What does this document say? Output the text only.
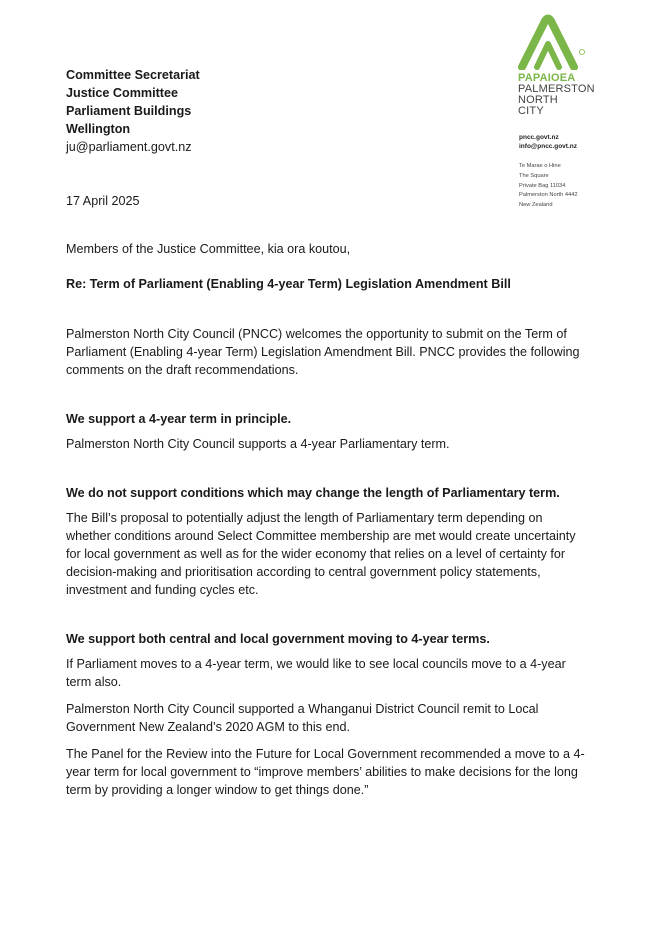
Committee Secretariat
Justice Committee
Parliament Buildings
Wellington
ju@parliament.govt.nz
17 April 2025
PAPAIOEA
PALMERSTON
NORTH
CITY
pncc.govt.nz
info@pncc.govt.nz
Te Marae o Hine
The Square
Private Bag 11034
Palmerston North 4442
New Zealand

Members of the Justice Committee, kia ora koutou,

Re: Term of Parliament (Enabling 4-year Term) Legislation Amendment Bill

Palmerston North City Council (PNCC) welcomes the opportunity to submit on the Term of Parliament (Enabling 4-year Term) Legislation Amendment Bill. PNCC provides the following comments on the draft recommendations.

We support a 4-year term in principle.

Palmerston North City Council supports a 4-year Parliamentary term.

We do not support conditions which may change the length of Parliamentary term.

The Bill’s proposal to potentially adjust the length of Parliamentary term depending on whether conditions around Select Committee membership are met would create uncertainty for local government as well as for the wider economy that relies on a level of certainty for decision-making and prioritisation according to central government policy statements, investment and funding cycles etc.

We support both central and local government moving to 4-year terms.

If Parliament moves to a 4-year term, we would like to see local councils move to a 4-year term also.

Palmerston North City Council supported a Whanganui District Council remit to Local Government New Zealand’s 2020 AGM to this end.

The Panel for the Review into the Future for Local Government recommended a move to a 4-year term for local government to “improve members’ abilities to make decisions for the long term by providing a longer window to get things done.”
